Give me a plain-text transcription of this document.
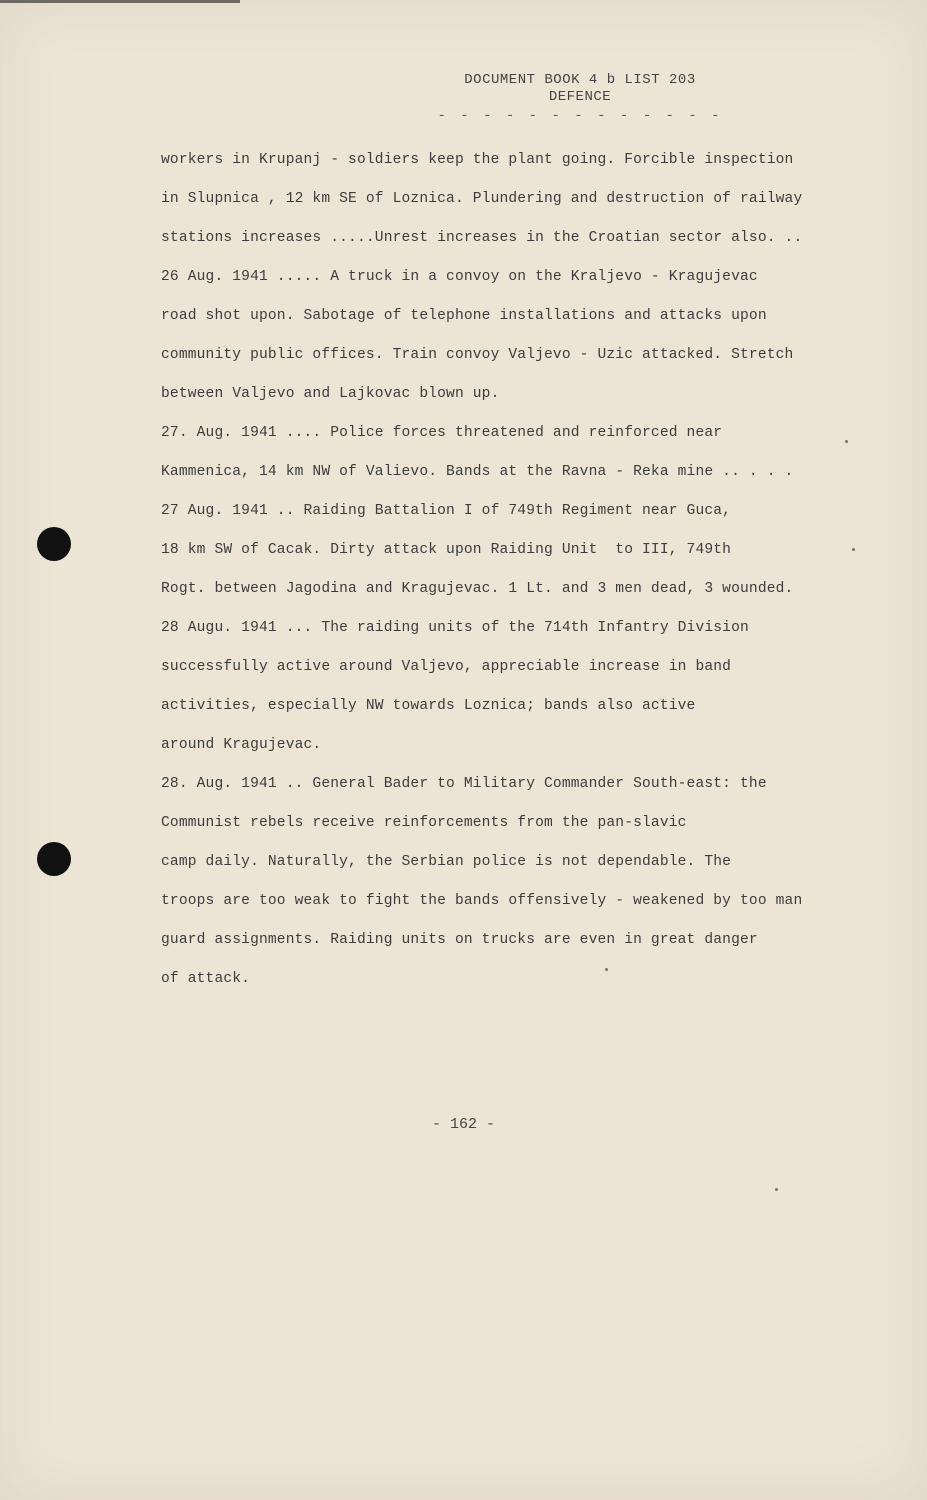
DOCUMENT BOOK 4 b LIST 203
DEFENCE
- - - - - - - - - - - - -
workers in Krupanj - soldiers keep the plant going. Forcible inspection
in Slupnica , 12 km SE of Loznica. Plundering and destruction of railway
stations increases .....Unrest increases in the Croatian sector also. ..
26 Aug. 1941 ..... A truck in a convoy on the Kraljevo - Kragujevac
road shot upon. Sabotage of telephone installations and attacks upon
community public offices. Train convoy Valjevo - Uzic attacked. Stretch
between Valjevo and Lajkovac blown up.
27. Aug. 1941 .... Police forces threatened and reinforced near
Kammenica, 14 km NW of Valievo. Bands at the Ravna - Reka mine .. . . .
27 Aug. 1941 .. Raiding Battalion I of 749th Regiment near Guca,
18 km SW of Cacak. Dirty attack upon Raiding Unit  to III, 749th
Rogt. between Jagodina and Kragujevac. 1 Lt. and 3 men dead, 3 wounded.
28 Augu. 1941 ... The raiding units of the 714th Infantry Division
successfully active around Valjevo, appreciable increase in band
activities, especially NW towards Loznica; bands also active
around Kragujevac.
28. Aug. 1941 .. General Bader to Military Commander South-east: the
Communist rebels receive reinforcements from the pan-slavic
camp daily. Naturally, the Serbian police is not dependable. The
troops are too weak to fight the bands offensively - weakened by too man
guard assignments. Raiding units on trucks are even in great danger
of attack.
- 162 -
